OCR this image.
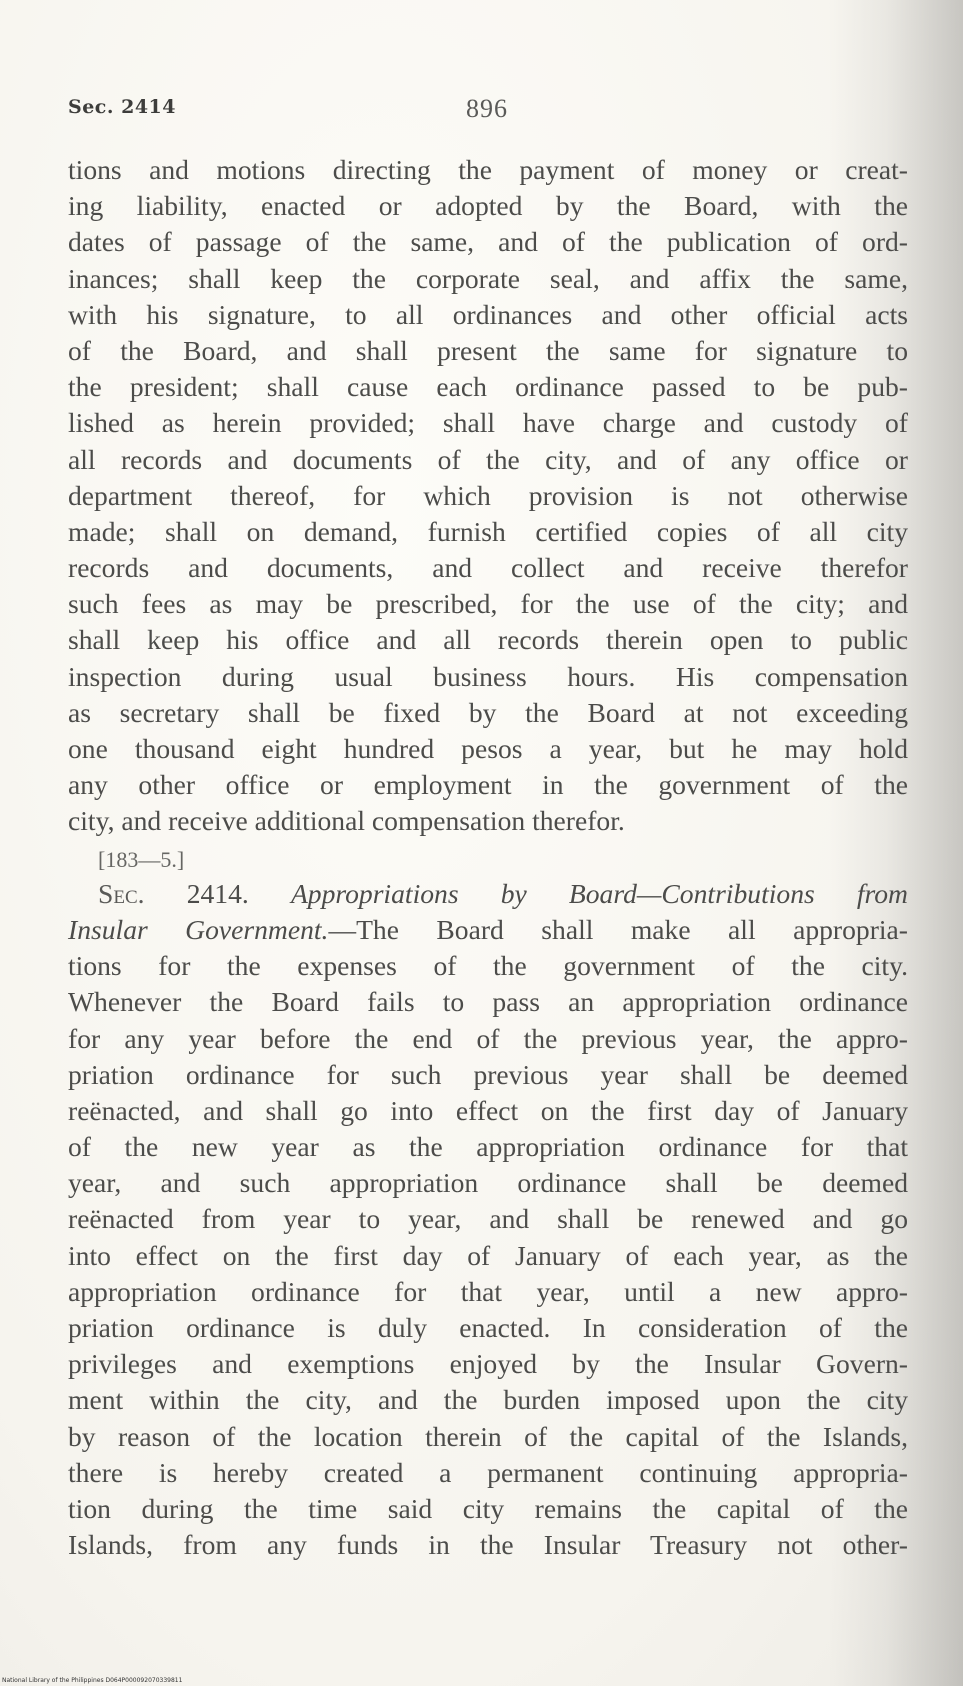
Sec. 2414	896
tions and motions directing the payment of money or creat-
ing liability, enacted or adopted by the Board, with the
dates of passage of the same, and of the publication of ord-
inances; shall keep the corporate seal, and affix the same,
with his signature, to all ordinances and other official acts
of the Board, and shall present the same for signature to
the president; shall cause each ordinance passed to be pub-
lished as herein provided; shall have charge and custody of
all records and documents of the city, and of any office or
department thereof, for which provision is not otherwise
made; shall on demand, furnish certified copies of all city
records and documents, and collect and receive therefor
such fees as may be prescribed, for the use of the city; and
shall keep his office and all records therein open to public
inspection during usual business hours. His compensation
as secretary shall be fixed by the Board at not exceeding
one thousand eight hundred pesos a year, but he may hold
any other office or employment in the government of the
city, and receive additional compensation therefor.
[183—5.]
Sec. 2414. Appropriations by Board—Contributions from
Insular Government.—The Board shall make all appropria-
tions for the expenses of the government of the city.
Whenever the Board fails to pass an appropriation ordinance
for any year before the end of the previous year, the appro-
priation ordinance for such previous year shall be deemed
reënacted, and shall go into effect on the first day of January
of the new year as the appropriation ordinance for that
year, and such appropriation ordinance shall be deemed
reënacted from year to year, and shall be renewed and go
into effect on the first day of January of each year, as the
appropriation ordinance for that year, until a new appro-
priation ordinance is duly enacted. In consideration of the
privileges and exemptions enjoyed by the Insular Govern-
ment within the city, and the burden imposed upon the city
by reason of the location therein of the capital of the Islands,
there is hereby created a permanent continuing appropria-
tion during the time said city remains the capital of the
Islands, from any funds in the Insular Treasury not other-
National Library of the Philippines D064P000092070339811
